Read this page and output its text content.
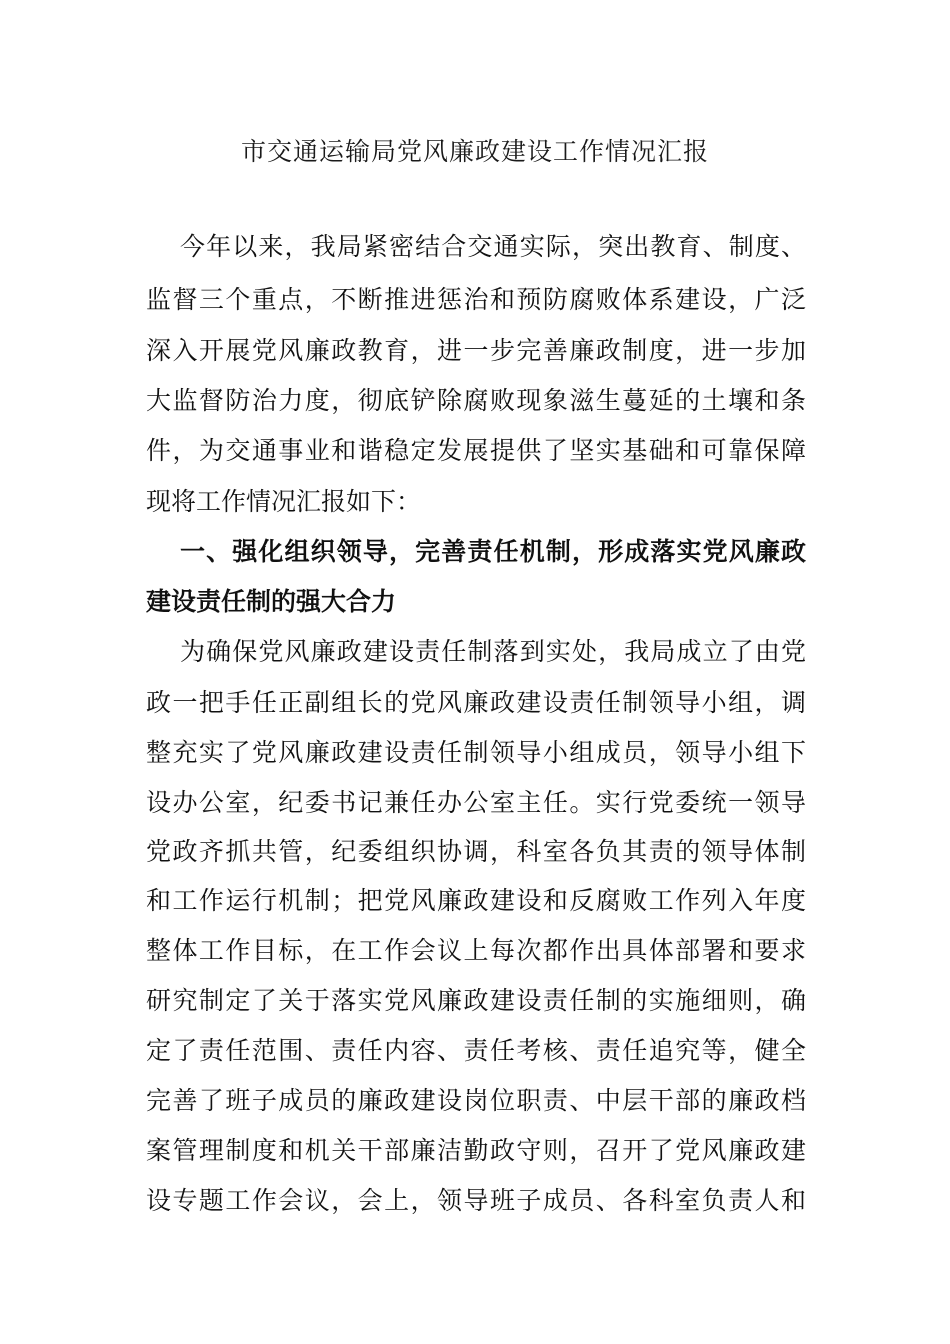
市交通运输局党风廉政建设工作情况汇报
今年以来，我局紧密结合交通实际，突出教育、制度、
监督三个重点，不断推进惩治和预防腐败体系建设，广泛
深入开展党风廉政教育，进一步完善廉政制度，进一步加
大监督防治力度，彻底铲除腐败现象滋生蔓延的土壤和条
件，为交通事业和谐稳定发展提供了坚实基础和可靠保障
现将工作情况汇报如下：
一、强化组织领导，完善责任机制，形成落实党风廉政
建设责任制的强大合力
为确保党风廉政建设责任制落到实处，我局成立了由党
政一把手任正副组长的党风廉政建设责任制领导小组，调
整充实了党风廉政建设责任制领导小组成员，领导小组下
设办公室，纪委书记兼任办公室主任。实行党委统一领导
党政齐抓共管，纪委组织协调，科室各负其责的领导体制
和工作运行机制；把党风廉政建设和反腐败工作列入年度
整体工作目标，在工作会议上每次都作出具体部署和要求
研究制定了关于落实党风廉政建设责任制的实施细则，确
定了责任范围、责任内容、责任考核、责任追究等，健全
完善了班子成员的廉政建设岗位职责、中层干部的廉政档
案管理制度和机关干部廉洁勤政守则，召开了党风廉政建
设专题工作会议，会上，领导班子成员、各科室负责人和
